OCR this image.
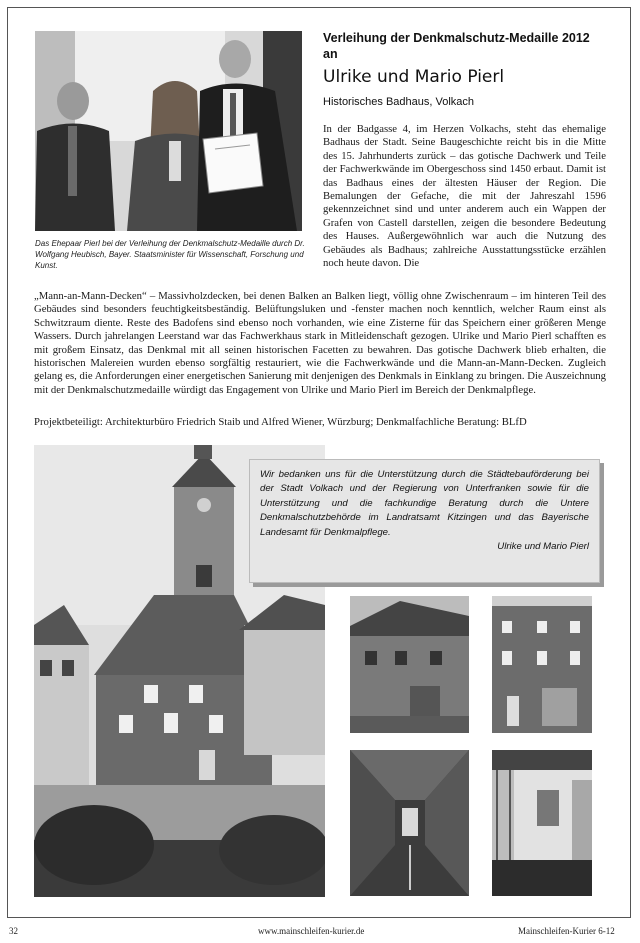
Das Ehepaar Pierl bei der Verleihung der Denkmalschutz-Medaille durch Dr. Wolfgang Heubisch, Bayer. Staatsminister für Wissenschaft, Forschung und Kunst.
Verleihung der Denkmalschutz-Medaille 2012 an
Ulrike und Mario Pierl
Historisches Badhaus, Volkach
In der Badgasse 4, im Herzen Volkachs, steht das ehemalige Badhaus der Stadt. Seine Baugeschichte reicht bis in die Mitte des 15. Jahrhunderts zurück – das gotische Dachwerk und Teile der Fachwerkwände im Obergeschoss sind 1450 erbaut. Damit ist das Badhaus eines der ältesten Häuser der Region. Die Bemalungen der Gefache, die mit der Jahreszahl 1596 gekennzeichnet sind und unter anderem auch ein Wappen der Grafen von Castell darstellen, zeigen die besondere Bedeutung des Hauses. Außergewöhnlich war auch die Nutzung des Gebäudes als Badhaus; zahlreiche Ausstattungsstücke erzählen noch heute davon. Die
„Mann-an-Mann-Decken“ – Massivholzdecken, bei denen Balken an Balken liegt, völlig ohne Zwischenraum – im hinteren Teil des Gebäudes sind besonders feuchtigkeitsbeständig. Belüftungsluken und -fenster machen noch kenntlich, welcher Raum einst als Schwitzraum diente. Reste des Badofens sind ebenso noch vorhanden, wie eine Zisterne für das Speichern einer größeren Menge Wassers. Durch jahrelangen Leerstand war das Fachwerkhaus stark in Mitleidenschaft gezogen. Ulrike und Mario Pierl schafften es mit großem Einsatz, das Denkmal mit all seinen historischen Facetten zu bewahren. Das gotische Dachwerk blieb erhalten, die historischen Malereien wurden ebenso sorgfältig restauriert, wie die Fachwerkwände und die Mann-an-Mann-Decken. Zugleich gelang es, die Anforderungen einer energetischen Sanierung mit denjenigen des Denkmals in Einklang zu bringen. Die Auszeichnung mit der Denkmalschutzmedaille würdigt das Engagement von Ulrike und Mario Pierl im Bereich der Denkmalpflege.
Projektbeteiligt: Architekturbüro Friedrich Staib und Alfred Wiener, Würzburg; Denkmalfachliche Beratung: BLfD
Wir bedanken uns für die Unterstützung durch die Städtebauförderung bei der Stadt Volkach und der Regierung von Unterfranken sowie für die Unterstützung und die fachkundige Beratung durch die Untere Denkmalschutzbehörde im Landratsamt Kitzingen und das Bayerische Landesamt für Denkmalpflege.
Ulrike und Mario Pierl
32	www.mainschleifen-kurier.de	Mainschleifen-Kurier 6-12
